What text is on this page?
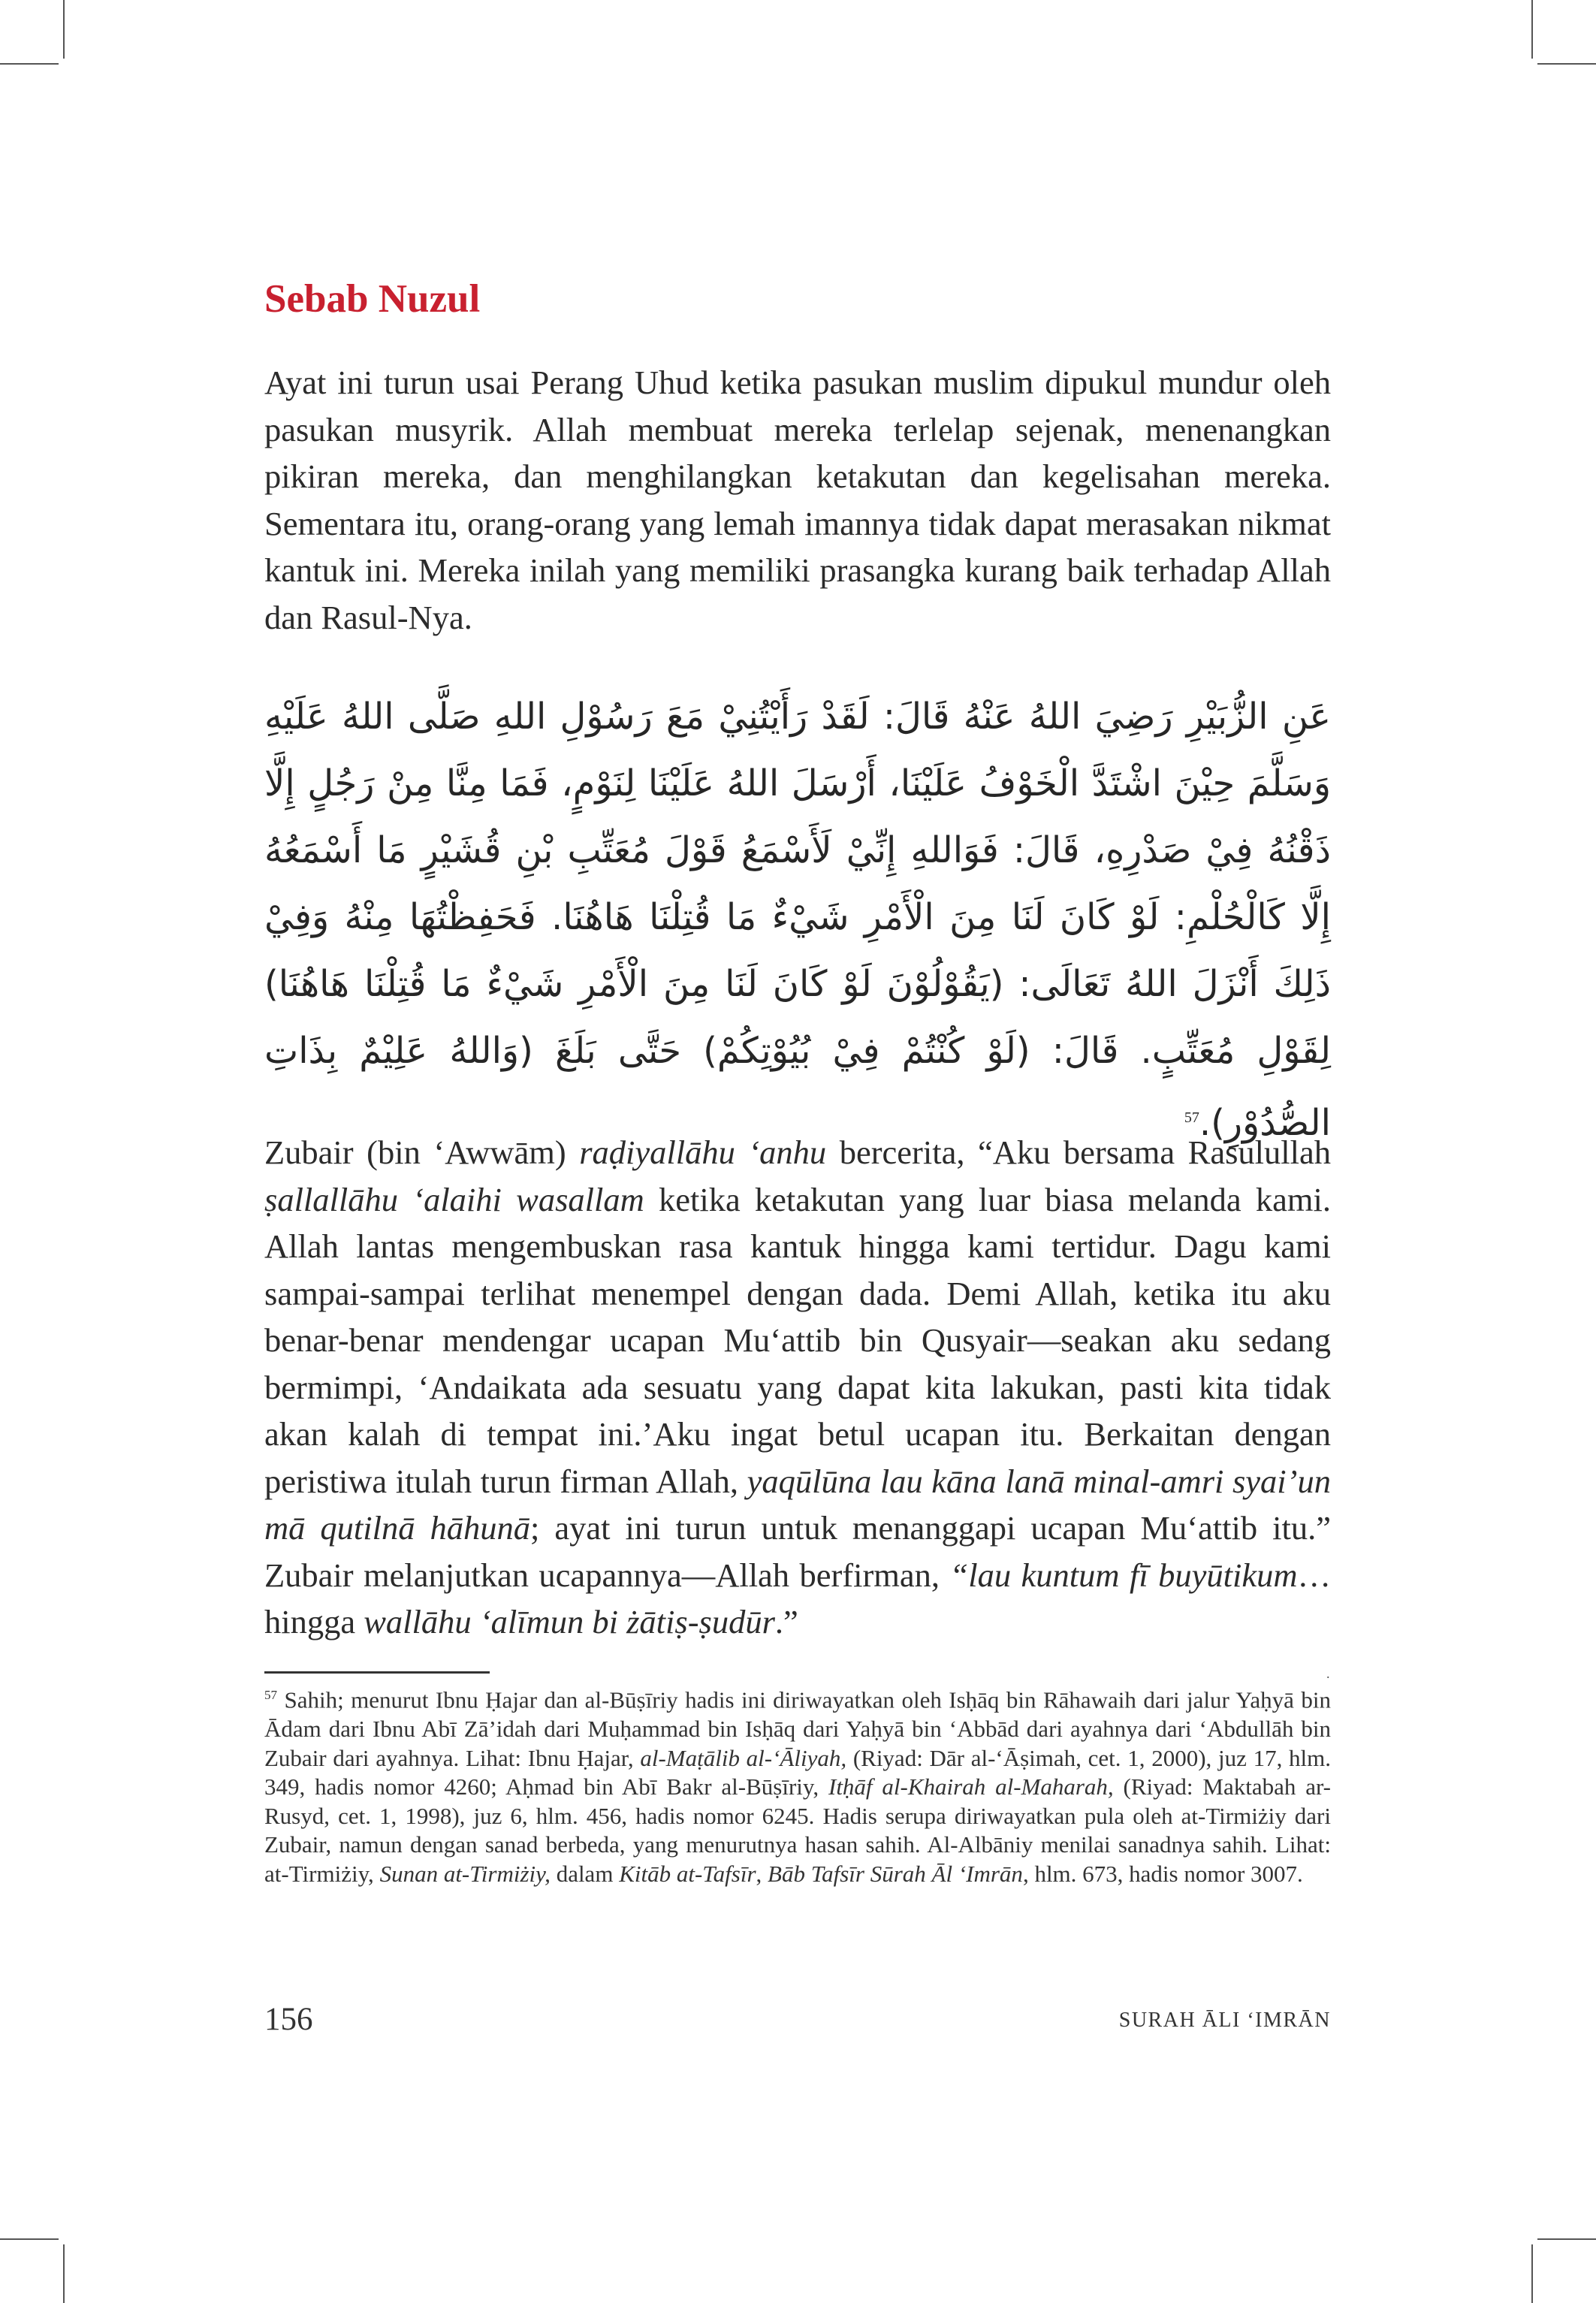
Sebab Nuzul

Ayat ini turun usai Perang Uhud ketika pasukan muslim dipukul mundur oleh pasukan musyrik. Allah membuat mereka terlelap sejenak, menenangkan pikiran mereka, dan menghilangkan ketakutan dan kegelisahan mereka. Sementara itu, orang-orang yang lemah imannya tidak dapat merasakan nikmat kantuk ini. Mereka inilah yang memiliki prasangka kurang baik terhadap Allah dan Rasul-Nya.

عَنِ الزُّبَيْرِ رَضِيَ اللهُ عَنْهُ قَالَ: لَقَدْ رَأَيْتُنِيْ مَعَ رَسُوْلِ اللهِ صَلَّى اللهُ عَلَيْهِ وَسَلَّمَ حِيْنَ اشْتَدَّ الْخَوْفُ عَلَيْنَا، أَرْسَلَ اللهُ عَلَيْنَا لِنَوْمٍ، فَمَا مِنَّا مِنْ رَجُلٍ إِلَّا ذَقْنُهُ فِيْ صَدْرِهِ، قَالَ: فَوَاللهِ إِنِّيْ لَأَسْمَعُ قَوْلَ مُعَتِّبِ بْنِ قُشَيْرٍ مَا أَسْمَعُهُ إِلَّا كَالْحُلْمِ: لَوْ كَانَ لَنَا مِنَ الْأَمْرِ شَيْءٌ مَا قُتِلْنَا هَاهُنَا. فَحَفِظْتُهَا مِنْهُ وَفِيْ ذَلِكَ أَنْزَلَ اللهُ تَعَالَى: (يَقُوْلُوْنَ لَوْ كَانَ لَنَا مِنَ الْأَمْرِ شَيْءٌ مَا قُتِلْنَا هَاهُنَا) لِقَوْلِ مُعَتِّبٍ. قَالَ: (لَوْ كُنْتُمْ فِيْ بُيُوْتِكُمْ) حَتَّى بَلَغَ (وَاللهُ عَلِيْمٌ بِذَاتِ الصُّدُوْرِ).$^{57}$

Zubair (bin ‘Awwām) raḍiyallāhu ‘anhu bercerita, “Aku bersama Rasulullah ṣallallāhu ‘alaihi wasallam ketika ketakutan yang luar biasa melanda kami. Allah lantas mengembuskan rasa kantuk hingga kami tertidur. Dagu kami sampai-sampai terlihat menempel dengan dada. Demi Allah, ketika itu aku benar-benar mendengar ucapan Mu‘attib bin Qusyair—seakan aku sedang bermimpi, ‘Andaikata ada sesuatu yang dapat kita lakukan, pasti kita tidak akan kalah di tempat ini.’Aku ingat betul ucapan itu. Berkaitan dengan peristiwa itulah turun firman Allah, yaqūlūna lau kāna lanā minal-amri syai’un mā qutilnā hāhunā; ayat ini turun untuk menanggapi ucapan Mu‘attib itu.” Zubair melanjutkan ucapannya—Allah berfirman, “lau kuntum fī buyūtikum…hingga wallāhu ‘alīmun bi żātiṣ-ṣudūr.”

.

$^{57}$ Sahih; menurut Ibnu Ḥajar dan al-Būṣīriy hadis ini diriwayatkan oleh Isḥāq bin Rāhawaih dari jalur Yaḥyā bin Ādam dari Ibnu Abī Zā’idah dari Muḥammad bin Isḥāq dari Yaḥyā bin ‘Abbād dari ayahnya dari ‘Abdullāh bin Zubair dari ayahnya. Lihat: Ibnu Ḥajar, al-Maṭālib al-‘Āliyah, (Riyad: Dār al-‘Āṣimah, cet. 1, 2000), juz 17, hlm. 349, hadis nomor 4260; Aḥmad bin Abī Bakr al-Būṣīriy, Itḥāf al-Khairah al-Maharah, (Riyad: Maktabah ar-Rusyd, cet. 1, 1998), juz 6, hlm. 456, hadis nomor 6245. Hadis serupa diriwayatkan pula oleh at-Tirmiżiy dari Zubair, namun dengan sanad berbeda, yang menurutnya hasan sahih. Al-Albāniy menilai sanadnya sahih. Lihat: at-Tirmiżiy, Sunan at-Tirmiżiy, dalam Kitāb at-Tafsīr, Bāb Tafsīr Sūrah Āl ‘Imrān, hlm. 673, hadis nomor 3007.

156	SURAH ĀLI ‘IMRĀN
